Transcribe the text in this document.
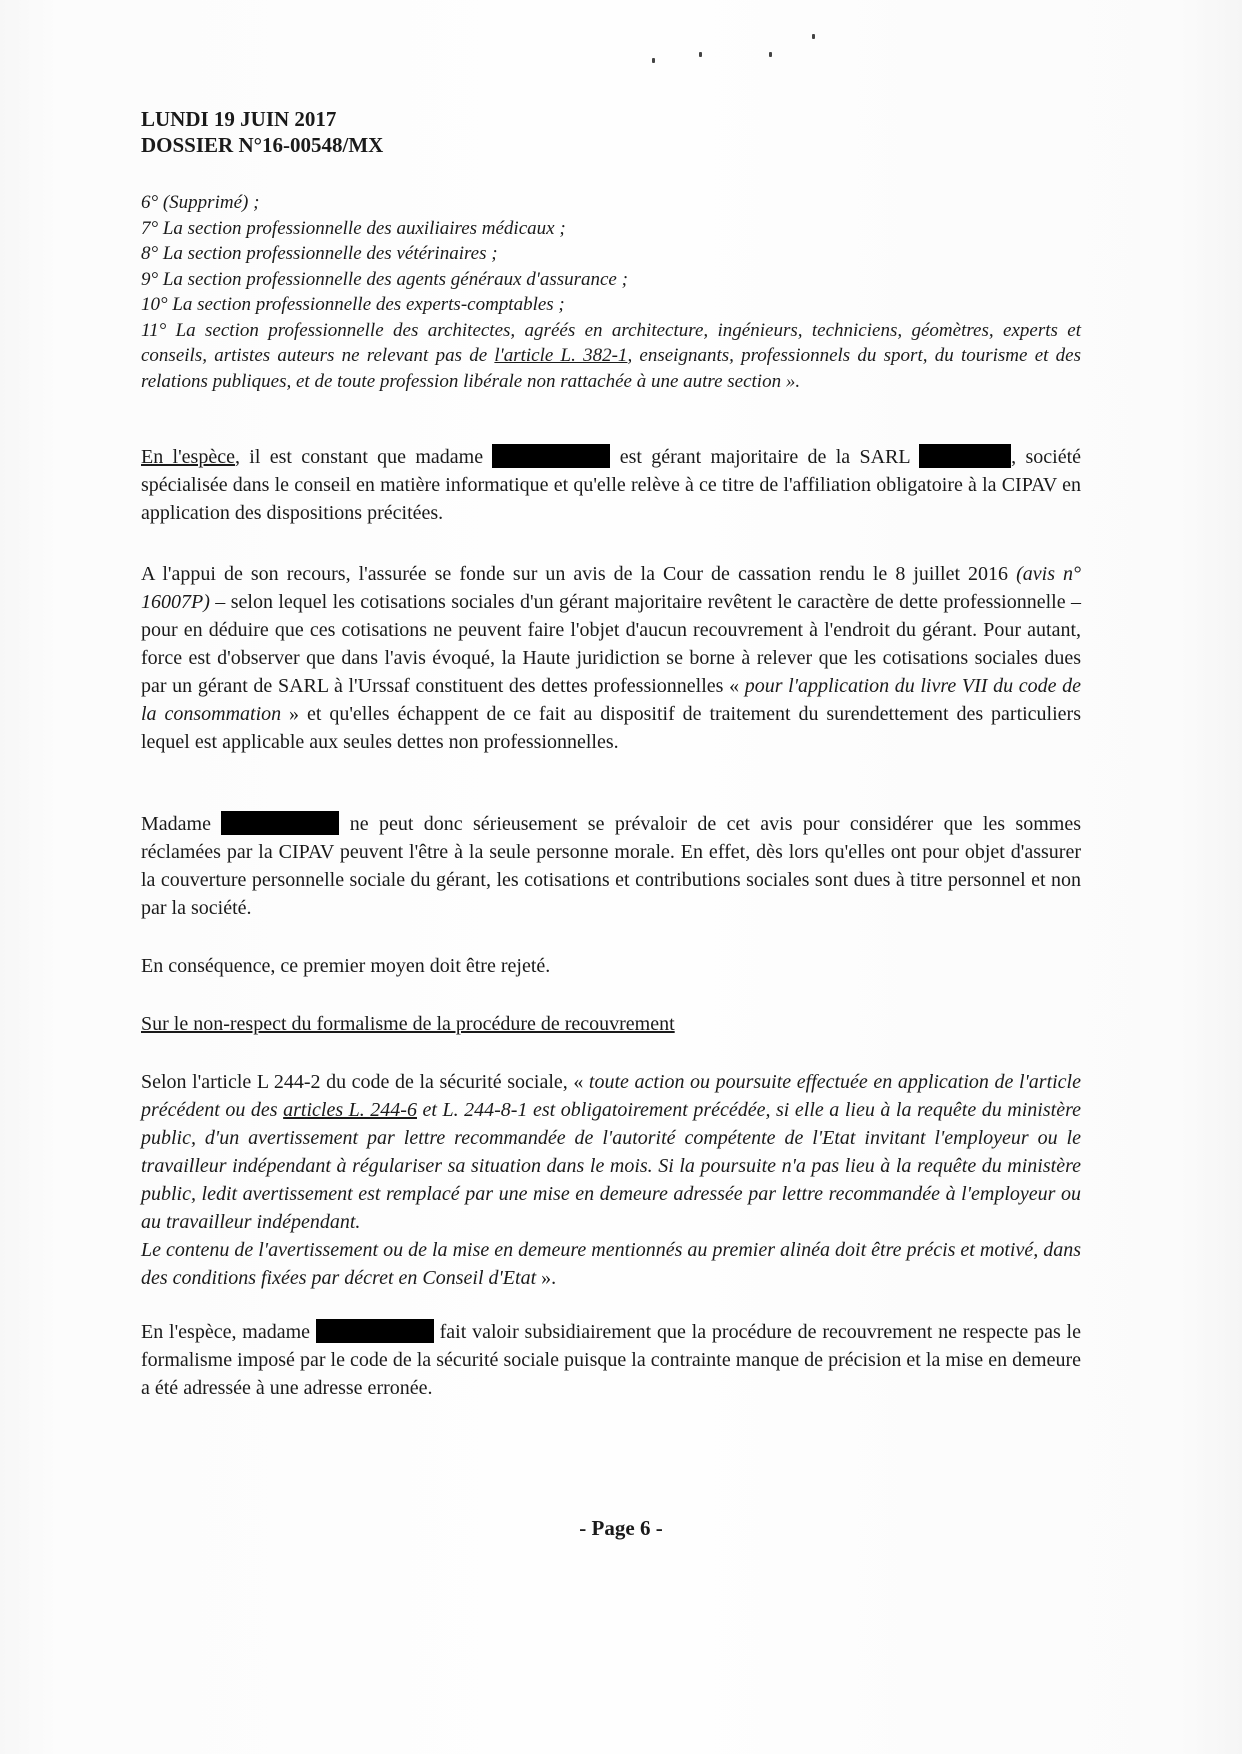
LUNDI 19 JUIN 2017
DOSSIER N°16-00548/MX
6° (Supprimé) ;
7° La section professionnelle des auxiliaires médicaux ;
8° La section professionnelle des vétérinaires ;
9° La section professionnelle des agents généraux d'assurance ;
10° La section professionnelle des experts-comptables ;
11° La section professionnelle des architectes, agréés en architecture, ingénieurs, techniciens, géomètres, experts et conseils, artistes auteurs ne relevant pas de l'article L. 382-1, enseignants, professionnels du sport, du tourisme et des relations publiques, et de toute profession libérale non rattachée à une autre section ».
En l'espèce, il est constant que madame	est gérant majoritaire de la SARL	, société spécialisée dans le conseil en matière informatique et qu'elle relève à ce titre de l'affiliation obligatoire à la CIPAV en application des dispositions précitées.
A l'appui de son recours, l'assurée se fonde sur un avis de la Cour de cassation rendu le 8 juillet 2016 (avis n° 16007P) – selon lequel les cotisations sociales d'un gérant majoritaire revêtent le caractère de dette professionnelle – pour en déduire que ces cotisations ne peuvent faire l'objet d'aucun recouvrement à l'endroit du gérant. Pour autant, force est d'observer que dans l'avis évoqué, la Haute juridiction se borne à relever que les cotisations sociales dues par un gérant de SARL à l'Urssaf constituent des dettes professionnelles « pour l'application du livre VII du code de la consommation » et qu'elles échappent de ce fait au dispositif de traitement du surendettement des particuliers lequel est applicable aux seules dettes non professionnelles.
Madame	ne peut donc sérieusement se prévaloir de cet avis pour considérer que les sommes réclamées par la CIPAV peuvent l'être à la seule personne morale. En effet, dès lors qu'elles ont pour objet d'assurer la couverture personnelle sociale du gérant, les cotisations et contributions sociales sont dues à titre personnel et non par la société.
En conséquence, ce premier moyen doit être rejeté.
Sur le non-respect du formalisme de la procédure de recouvrement
Selon l'article L 244-2 du code de la sécurité sociale, « toute action ou poursuite effectuée en application de l'article précédent ou des articles L. 244-6 et L. 244-8-1 est obligatoirement précédée, si elle a lieu à la requête du ministère public, d'un avertissement par lettre recommandée de l'autorité compétente de l'Etat invitant l'employeur ou le travailleur indépendant à régulariser sa situation dans le mois. Si la poursuite n'a pas lieu à la requête du ministère public, ledit avertissement est remplacé par une mise en demeure adressée par lettre recommandée à l'employeur ou au travailleur indépendant.
Le contenu de l'avertissement ou de la mise en demeure mentionnés au premier alinéa doit être précis et motivé, dans des conditions fixées par décret en Conseil d'Etat ».
En l'espèce, madame	fait valoir subsidiairement que la procédure de recouvrement ne respecte pas le formalisme imposé par le code de la sécurité sociale puisque la contrainte manque de précision et la mise en demeure a été adressée à une adresse erronée.
- Page 6 -
